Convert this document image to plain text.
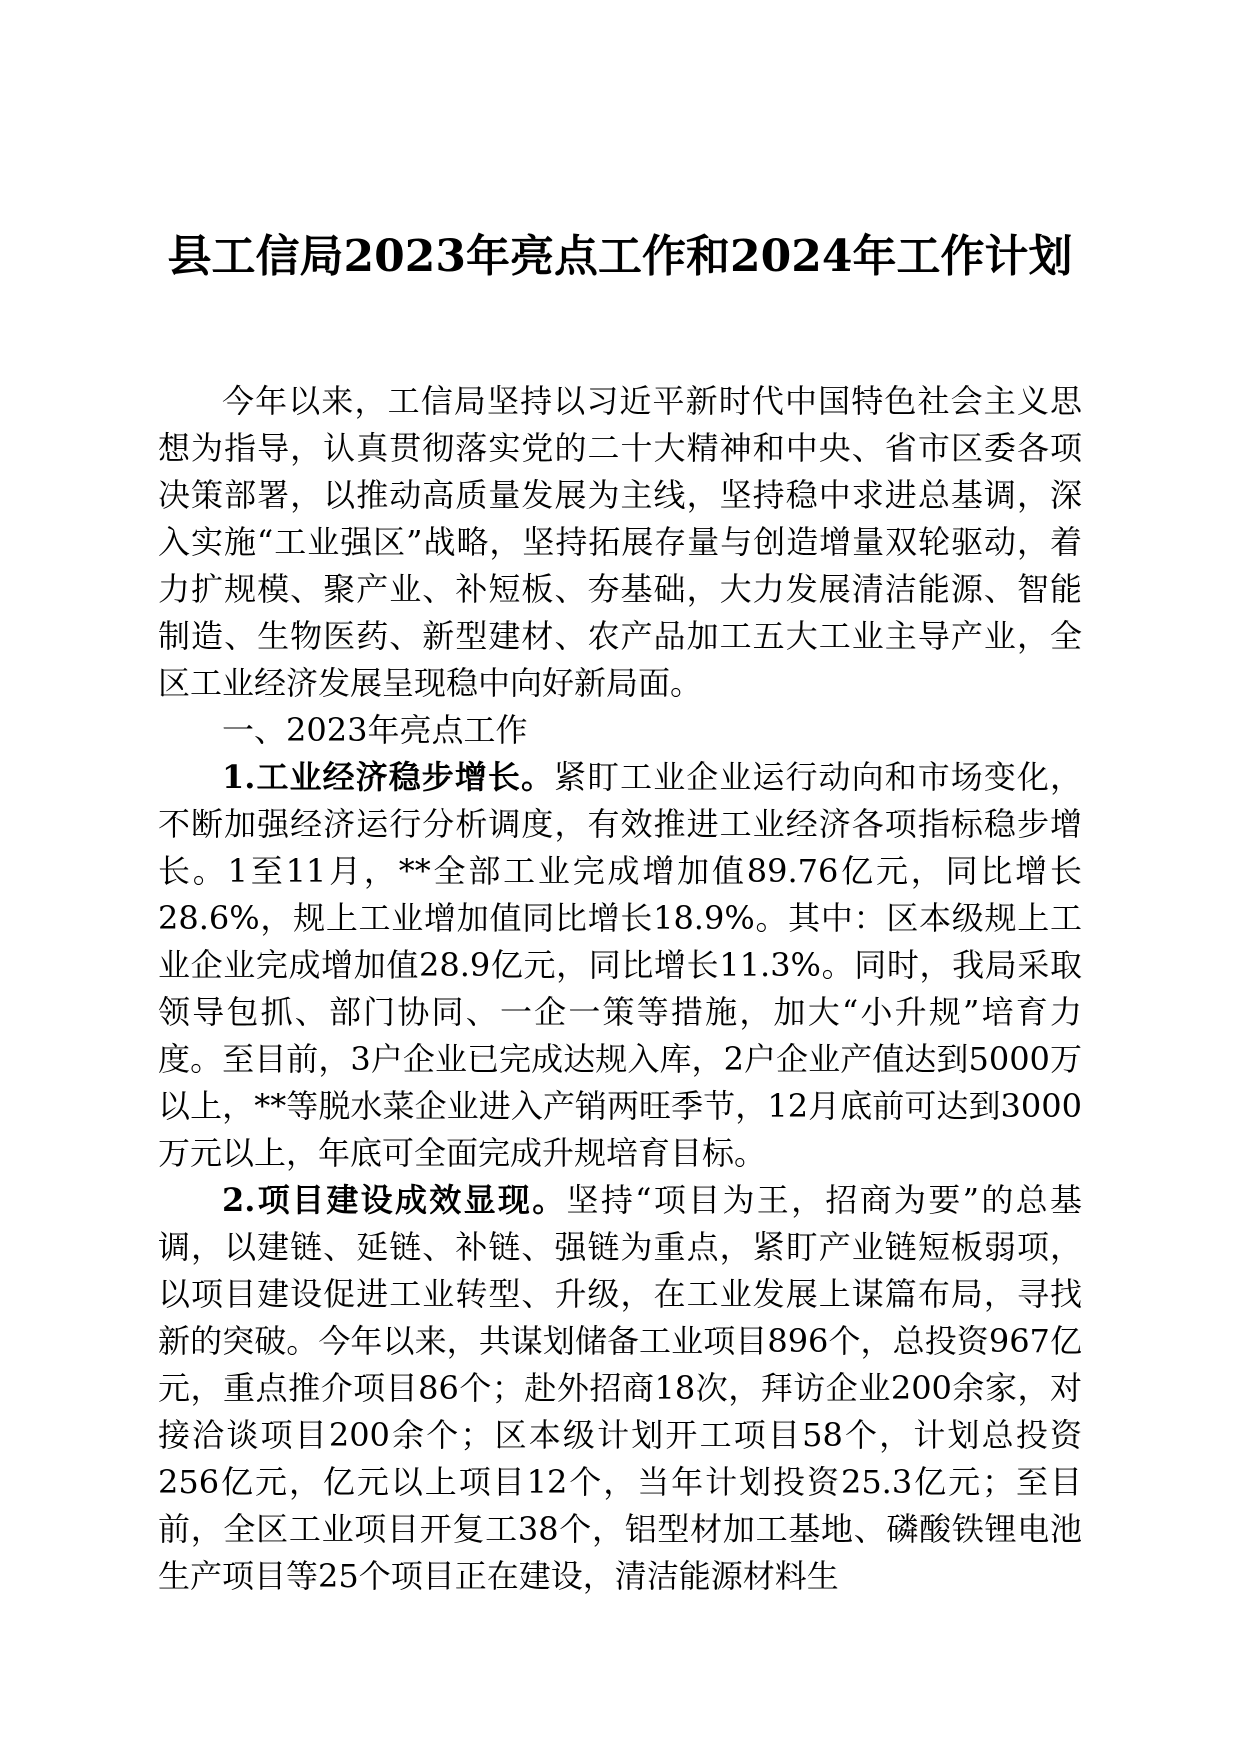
县工信局2023年亮点工作和2024年工作计划

今年以来，工信局坚持以习近平新时代中国特色社会主义思想为指导，认真贯彻落实党的二十大精神和中央、省市区委各项决策部署，以推动高质量发展为主线，坚持稳中求进总基调，深入实施“工业强区”战略，坚持拓展存量与创造增量双轮驱动，着力扩规模、聚产业、补短板、夯基础，大力发展清洁能源、智能制造、生物医药、新型建材、农产品加工五大工业主导产业，全区工业经济发展呈现稳中向好新局面。

一、2023年亮点工作

1.工业经济稳步增长。紧盯工业企业运行动向和市场变化，不断加强经济运行分析调度，有效推进工业经济各项指标稳步增长。1至11月，**全部工业完成增加值89.76亿元，同比增长28.6%，规上工业增加值同比增长18.9%。其中：区本级规上工业企业完成增加值28.9亿元，同比增长11.3%。同时，我局采取领导包抓、部门协同、一企一策等措施，加大“小升规”培育力度。至目前，3户企业已完成达规入库，2户企业产值达到5000万以上，**等脱水菜企业进入产销两旺季节，12月底前可达到3000万元以上，年底可全面完成升规培育目标。

2.项目建设成效显现。坚持“项目为王，招商为要”的总基调，以建链、延链、补链、强链为重点，紧盯产业链短板弱项，以项目建设促进工业转型、升级，在工业发展上谋篇布局，寻找新的突破。今年以来，共谋划储备工业项目896个，总投资967亿元，重点推介项目86个；赴外招商18次，拜访企业200余家，对接洽谈项目200余个；区本级计划开工项目58个，计划总投资256亿元，亿元以上项目12个，当年计划投资25.3亿元；至目前，全区工业项目开复工38个，铝型材加工基地、磷酸铁锂电池生产项目等25个项目正在建设，清洁能源材料生
